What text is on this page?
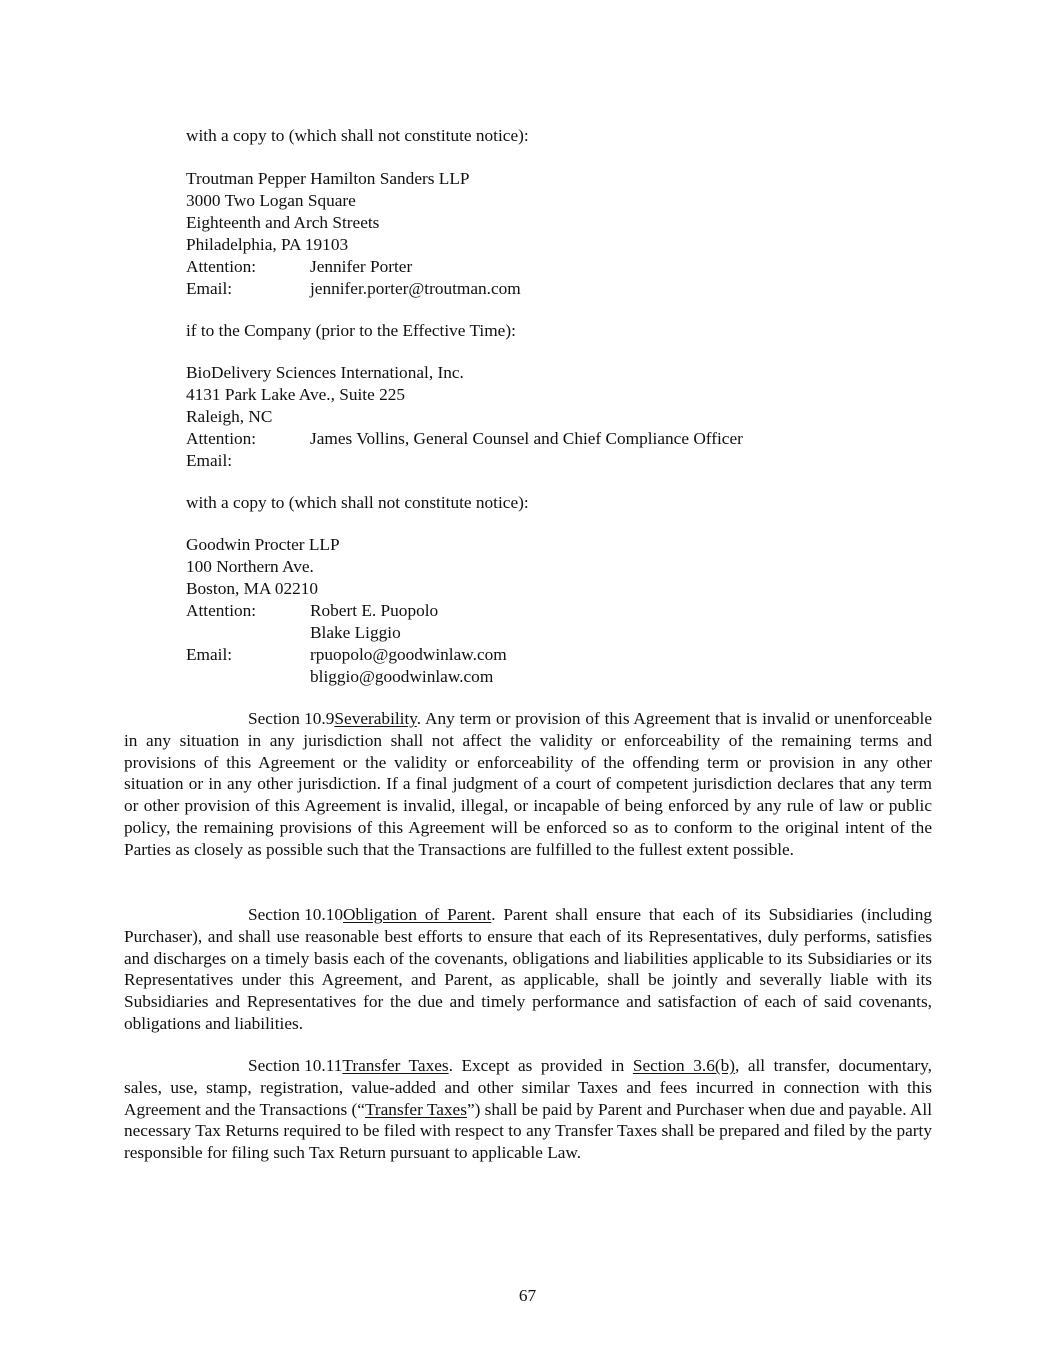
with a copy to (which shall not constitute notice):
Troutman Pepper Hamilton Sanders LLP
3000 Two Logan Square
Eighteenth and Arch Streets
Philadelphia, PA 19103
Attention:	Jennifer Porter
Email:	jennifer.porter@troutman.com
if to the Company (prior to the Effective Time):
BioDelivery Sciences International, Inc.
4131 Park Lake Ave., Suite 225
Raleigh, NC
Attention:	James Vollins, General Counsel and Chief Compliance Officer
Email:
with a copy to (which shall not constitute notice):
Goodwin Procter LLP
100 Northern Ave.
Boston, MA 02210
Attention:	Robert E. Puopolo
Blake Liggio
Email:	rpuopolo@goodwinlaw.com
bliggio@goodwinlaw.com

Section 10.9Severability. Any term or provision of this Agreement that is invalid or unenforceable in any situation in any jurisdiction shall not affect the validity or enforceability of the remaining terms and provisions of this Agreement or the validity or enforceability of the offending term or provision in any other situation or in any other jurisdiction. If a final judgment of a court of competent jurisdiction declares that any term or other provision of this Agreement is invalid, illegal, or incapable of being enforced by any rule of law or public policy, the remaining provisions of this Agreement will be enforced so as to conform to the original intent of the Parties as closely as possible such that the Transactions are fulfilled to the fullest extent possible.

Section 10.10Obligation of Parent. Parent shall ensure that each of its Subsidiaries (including Purchaser), and shall use reasonable best efforts to ensure that each of its Representatives, duly performs, satisfies and discharges on a timely basis each of the covenants, obligations and liabilities applicable to its Subsidiaries or its Representatives under this Agreement, and Parent, as applicable, shall be jointly and severally liable with its Subsidiaries and Representatives for the due and timely performance and satisfaction of each of said covenants, obligations and liabilities.

Section 10.11Transfer Taxes. Except as provided in Section 3.6(b), all transfer, documentary, sales, use, stamp, registration, value-added and other similar Taxes and fees incurred in connection with this Agreement and the Transactions (“Transfer Taxes”) shall be paid by Parent and Purchaser when due and payable. All necessary Tax Returns required to be filed with respect to any Transfer Taxes shall be prepared and filed by the party responsible for filing such Tax Return pursuant to applicable Law.

67
